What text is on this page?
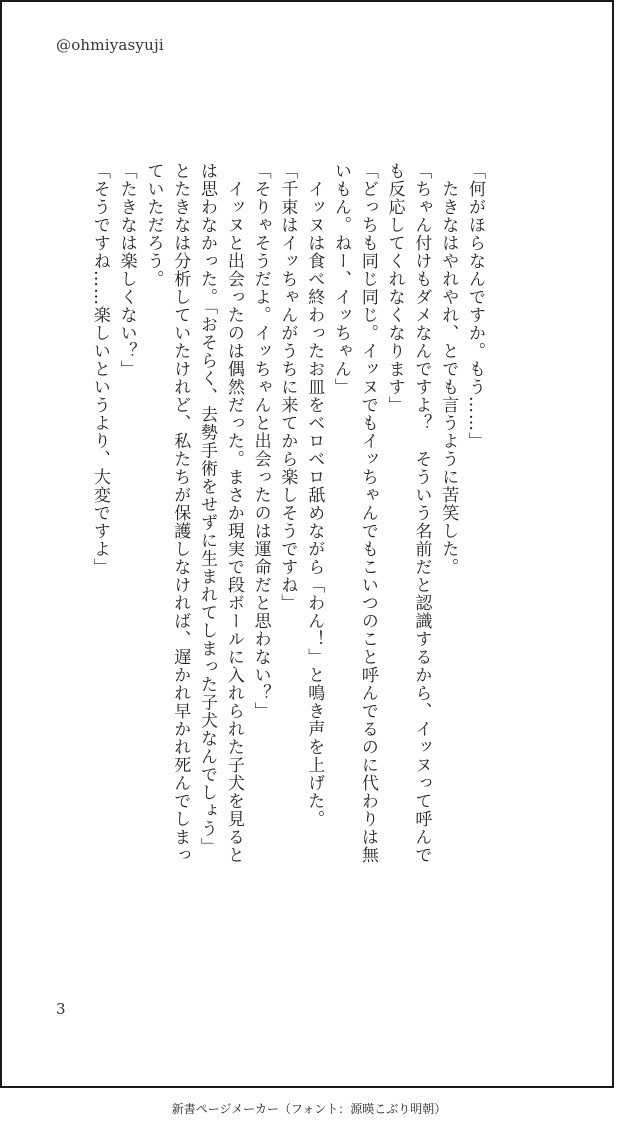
@ohmiyasyuji
「何がほらなんですか。もう……」
　たきなはやれやれ、とでも言うように苦笑した。
「ちゃん付けもダメなんですよ？　そういう名前だと認識するから、イッヌって呼んで
も反応してくれなくなります」
「どっちも同じ同じ。イッヌでもイッちゃんでもこいつのこと呼んでるのに代わりは無
いもん。ねー、イッちゃん」
　イッヌは食べ終わったお皿をベロベロ舐めながら「わん！」と鳴き声を上げた。
「千束はイッちゃんがうちに来てから楽しそうですね」
「そりゃそうだよ。イッちゃんと出会ったのは運命だと思わない？」
　イッヌと出会ったのは偶然だった。まさか現実で段ボールに入れられた子犬を見ると
は思わなかった。「おそらく、去勢手術をせずに生まれてしまった子犬なんでしょう」
とたきなは分析していたけれど、私たちが保護しなければ、遅かれ早かれ死んでしまっ
ていただろう。
「たきなは楽しくない？」
「そうですね……楽しいというより、大変ですよ」
3
新書ページメーカー（フォント：源暎こぶり明朝）
